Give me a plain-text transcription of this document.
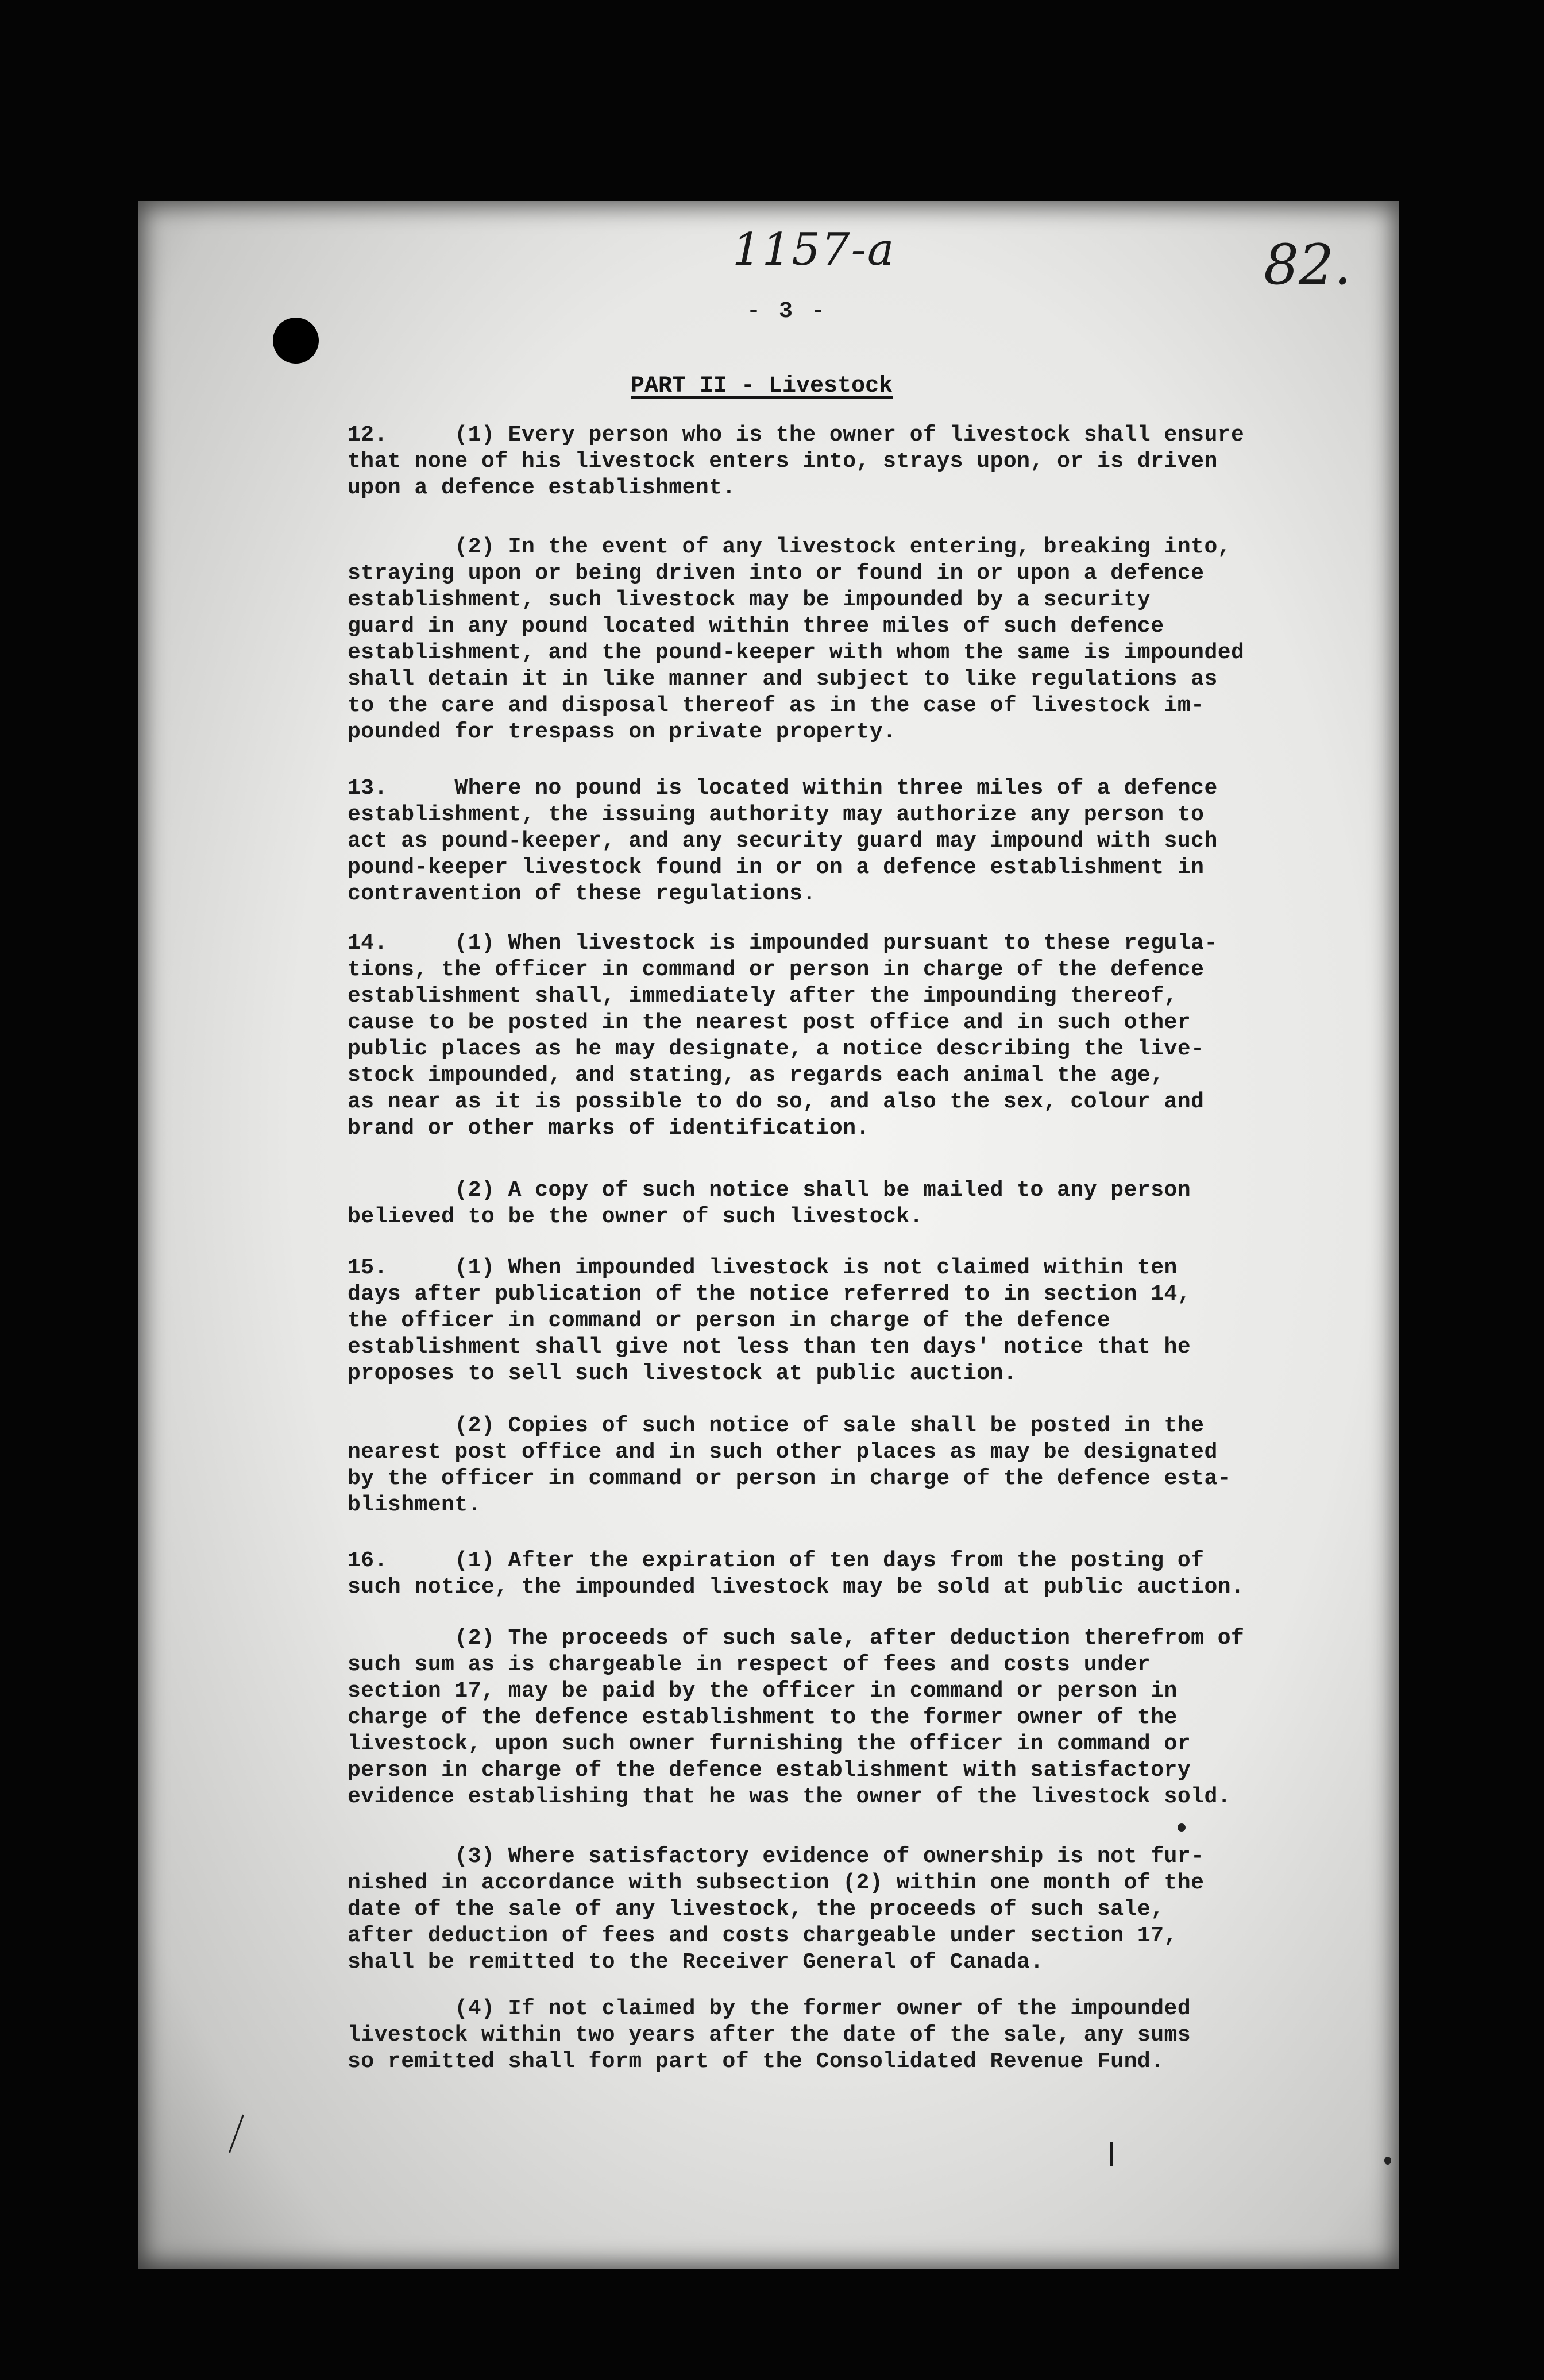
1157-a	82.
- 3 -
PART II - Livestock
12.     (1) Every person who is the owner of livestock shall ensure
that none of his livestock enters into, strays upon, or is driven
upon a defence establishment.
(2) In the event of any livestock entering, breaking into,
straying upon or being driven into or found in or upon a defence
establishment, such livestock may be impounded by a security
guard in any pound located within three miles of such defence
establishment, and the pound-keeper with whom the same is impounded
shall detain it in like manner and subject to like regulations as
to the care and disposal thereof as in the case of livestock im-
pounded for trespass on private property.
13.     Where no pound is located within three miles of a defence
establishment, the issuing authority may authorize any person to
act as pound-keeper, and any security guard may impound with such
pound-keeper livestock found in or on a defence establishment in
contravention of these regulations.
14.     (1) When livestock is impounded pursuant to these regula-
tions, the officer in command or person in charge of the defence
establishment shall, immediately after the impounding thereof,
cause to be posted in the nearest post office and in such other
public places as he may designate, a notice describing the live-
stock impounded, and stating, as regards each animal the age,
as near as it is possible to do so, and also the sex, colour and
brand or other marks of identification.
(2) A copy of such notice shall be mailed to any person
believed to be the owner of such livestock.
15.     (1) When impounded livestock is not claimed within ten
days after publication of the notice referred to in section 14,
the officer in command or person in charge of the defence
establishment shall give not less than ten days' notice that he
proposes to sell such livestock at public auction.
(2) Copies of such notice of sale shall be posted in the
nearest post office and in such other places as may be designated
by the officer in command or person in charge of the defence esta-
blishment.
16.     (1) After the expiration of ten days from the posting of
such notice, the impounded livestock may be sold at public auction.
(2) The proceeds of such sale, after deduction therefrom of
such sum as is chargeable in respect of fees and costs under
section 17, may be paid by the officer in command or person in
charge of the defence establishment to the former owner of the
livestock, upon such owner furnishing the officer in command or
person in charge of the defence establishment with satisfactory
evidence establishing that he was the owner of the livestock sold.
(3) Where satisfactory evidence of ownership is not fur-
nished in accordance with subsection (2) within one month of the
date of the sale of any livestock, the proceeds of such sale,
after deduction of fees and costs chargeable under section 17,
shall be remitted to the Receiver General of Canada.
(4) If not claimed by the former owner of the impounded
livestock within two years after the date of the sale, any sums
so remitted shall form part of the Consolidated Revenue Fund.
